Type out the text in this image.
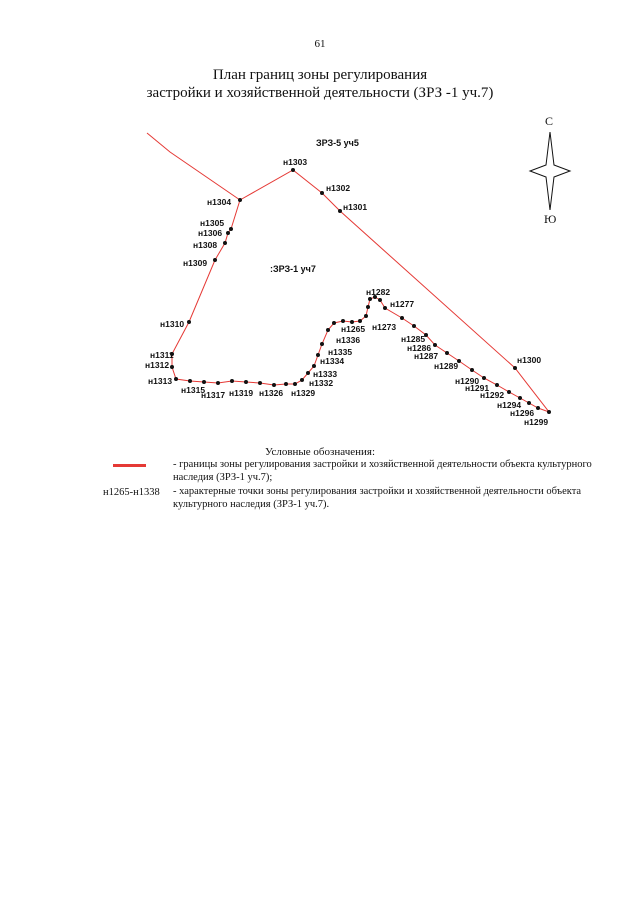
61
План границ зоны регулирования
застройки и хозяйственной деятельности (ЗРЗ -1 уч.7)
ЗРЗ-5 уч5
:ЗРЗ-1 уч7
н1303
н1302
н1304	н1301
н1305
н1306
н1308
н1309
н1282
н1277
н1265 н1273
н1310
н1336	н1285
н1286
н1335	н1287
н1334	н1289
н1311
н1312	н1300
н1333
н1290
н1313	н1332	н1291
н1315
н1317 н1319 н1326 н1329	н1292
н1294
н1296
н1299
С
Ю
Условные обозначения:
- границы зоны регулирования застройки и хозяйственной деятельности объекта культурного наследия (ЗРЗ-1 уч.7);
н1265-н1338 - характерные точки зоны регулирования застройки и хозяйственной деятельности объекта культурного наследия (ЗРЗ-1 уч.7).
